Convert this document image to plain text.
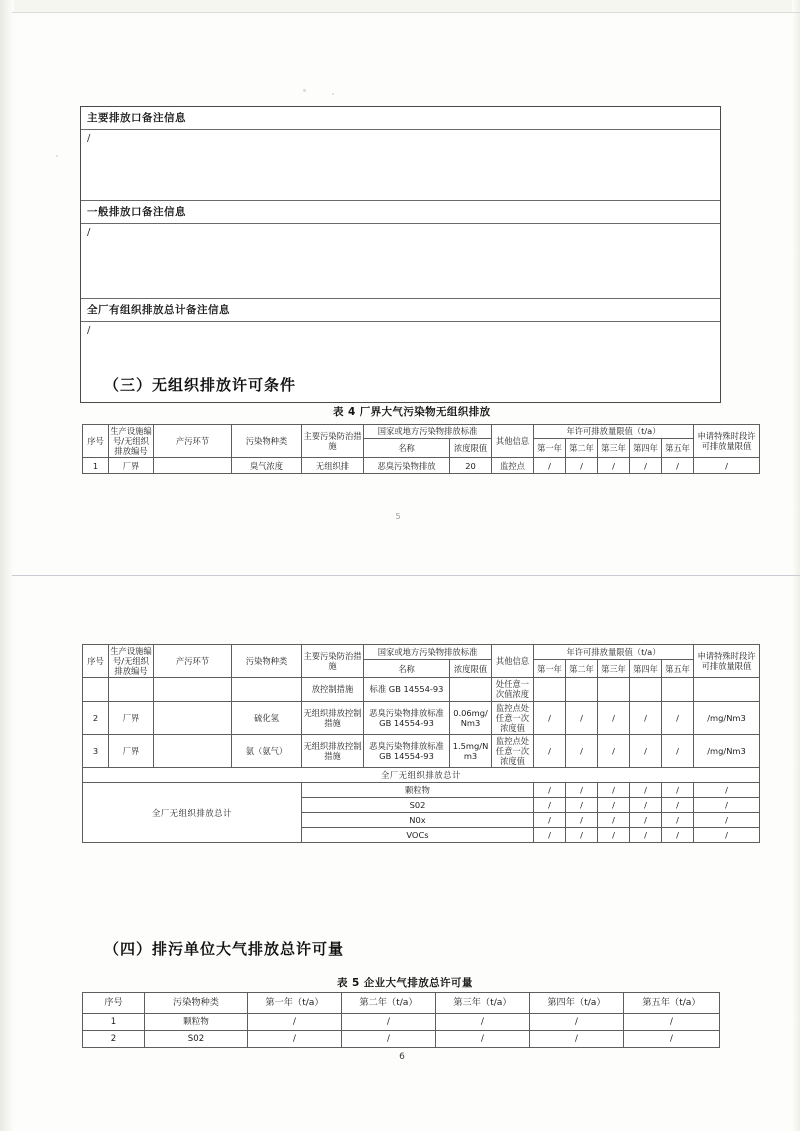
主要排放口备注信息
/
一般排放口备注信息
/
全厂有组织排放总计备注信息
/
（三）无组织排放许可条件
表 4 厂界大气污染物无组织排放
序号	生产设施编号/无组织排放编号	产污环节	污染物种类	主要污染防治措施	国家或地方污染物排放标准		其他信息	年许可排放量限值（t/a）					申请特殊时段许可排放量限值
					名称	浓度限值		第一年	第二年	第三年	第四年	第五年	

1	厂界		臭气浓度	无组织排	恶臭污染物排放	20	监控点	/	/	/	/	/	/
5
序号	生产设施编号/无组织排放编号	产污环节	污染物种类	主要污染防治措施	国家或地方污染物排放标准		其他信息	年许可排放量限值（t/a）					申请特殊时段许可排放量限值
					名称	浓度限值		第一年	第二年	第三年	第四年	第五年	

				放控制措施	标准 GB 14554-93		处任意一次值浓度						
2	厂界		硫化氢	无组织排放控制措施	恶臭污染物排放标准 GB 14554-93	0.06mg/Nm3	监控点处任意一次浓度值	/	/	/	/	/	/mg/Nm3
3	厂界		氨（氨气）	无组织排放控制措施	恶臭污染物排放标准 GB 14554-93	1.5mg/Nm3	监控点处任意一次浓度值	/	/	/	/	/	/mg/Nm3
全厂无组织排放总计													
全厂无组织排放总计				颗粒物				/	/	/	/	/	/
				S02				/	/	/	/	/	/
				N0x				/	/	/	/	/	/
				VOCs				/	/	/	/	/	/
（四）排污单位大气排放总许可量
表 5 企业大气排放总许可量
序号	污染物种类	第一年（t/a）	第二年（t/a）	第三年（t/a）	第四年（t/a）	第五年（t/a）
1	颗粒物	/	/	/	/	/
2	S02	/	/	/	/	/
6
